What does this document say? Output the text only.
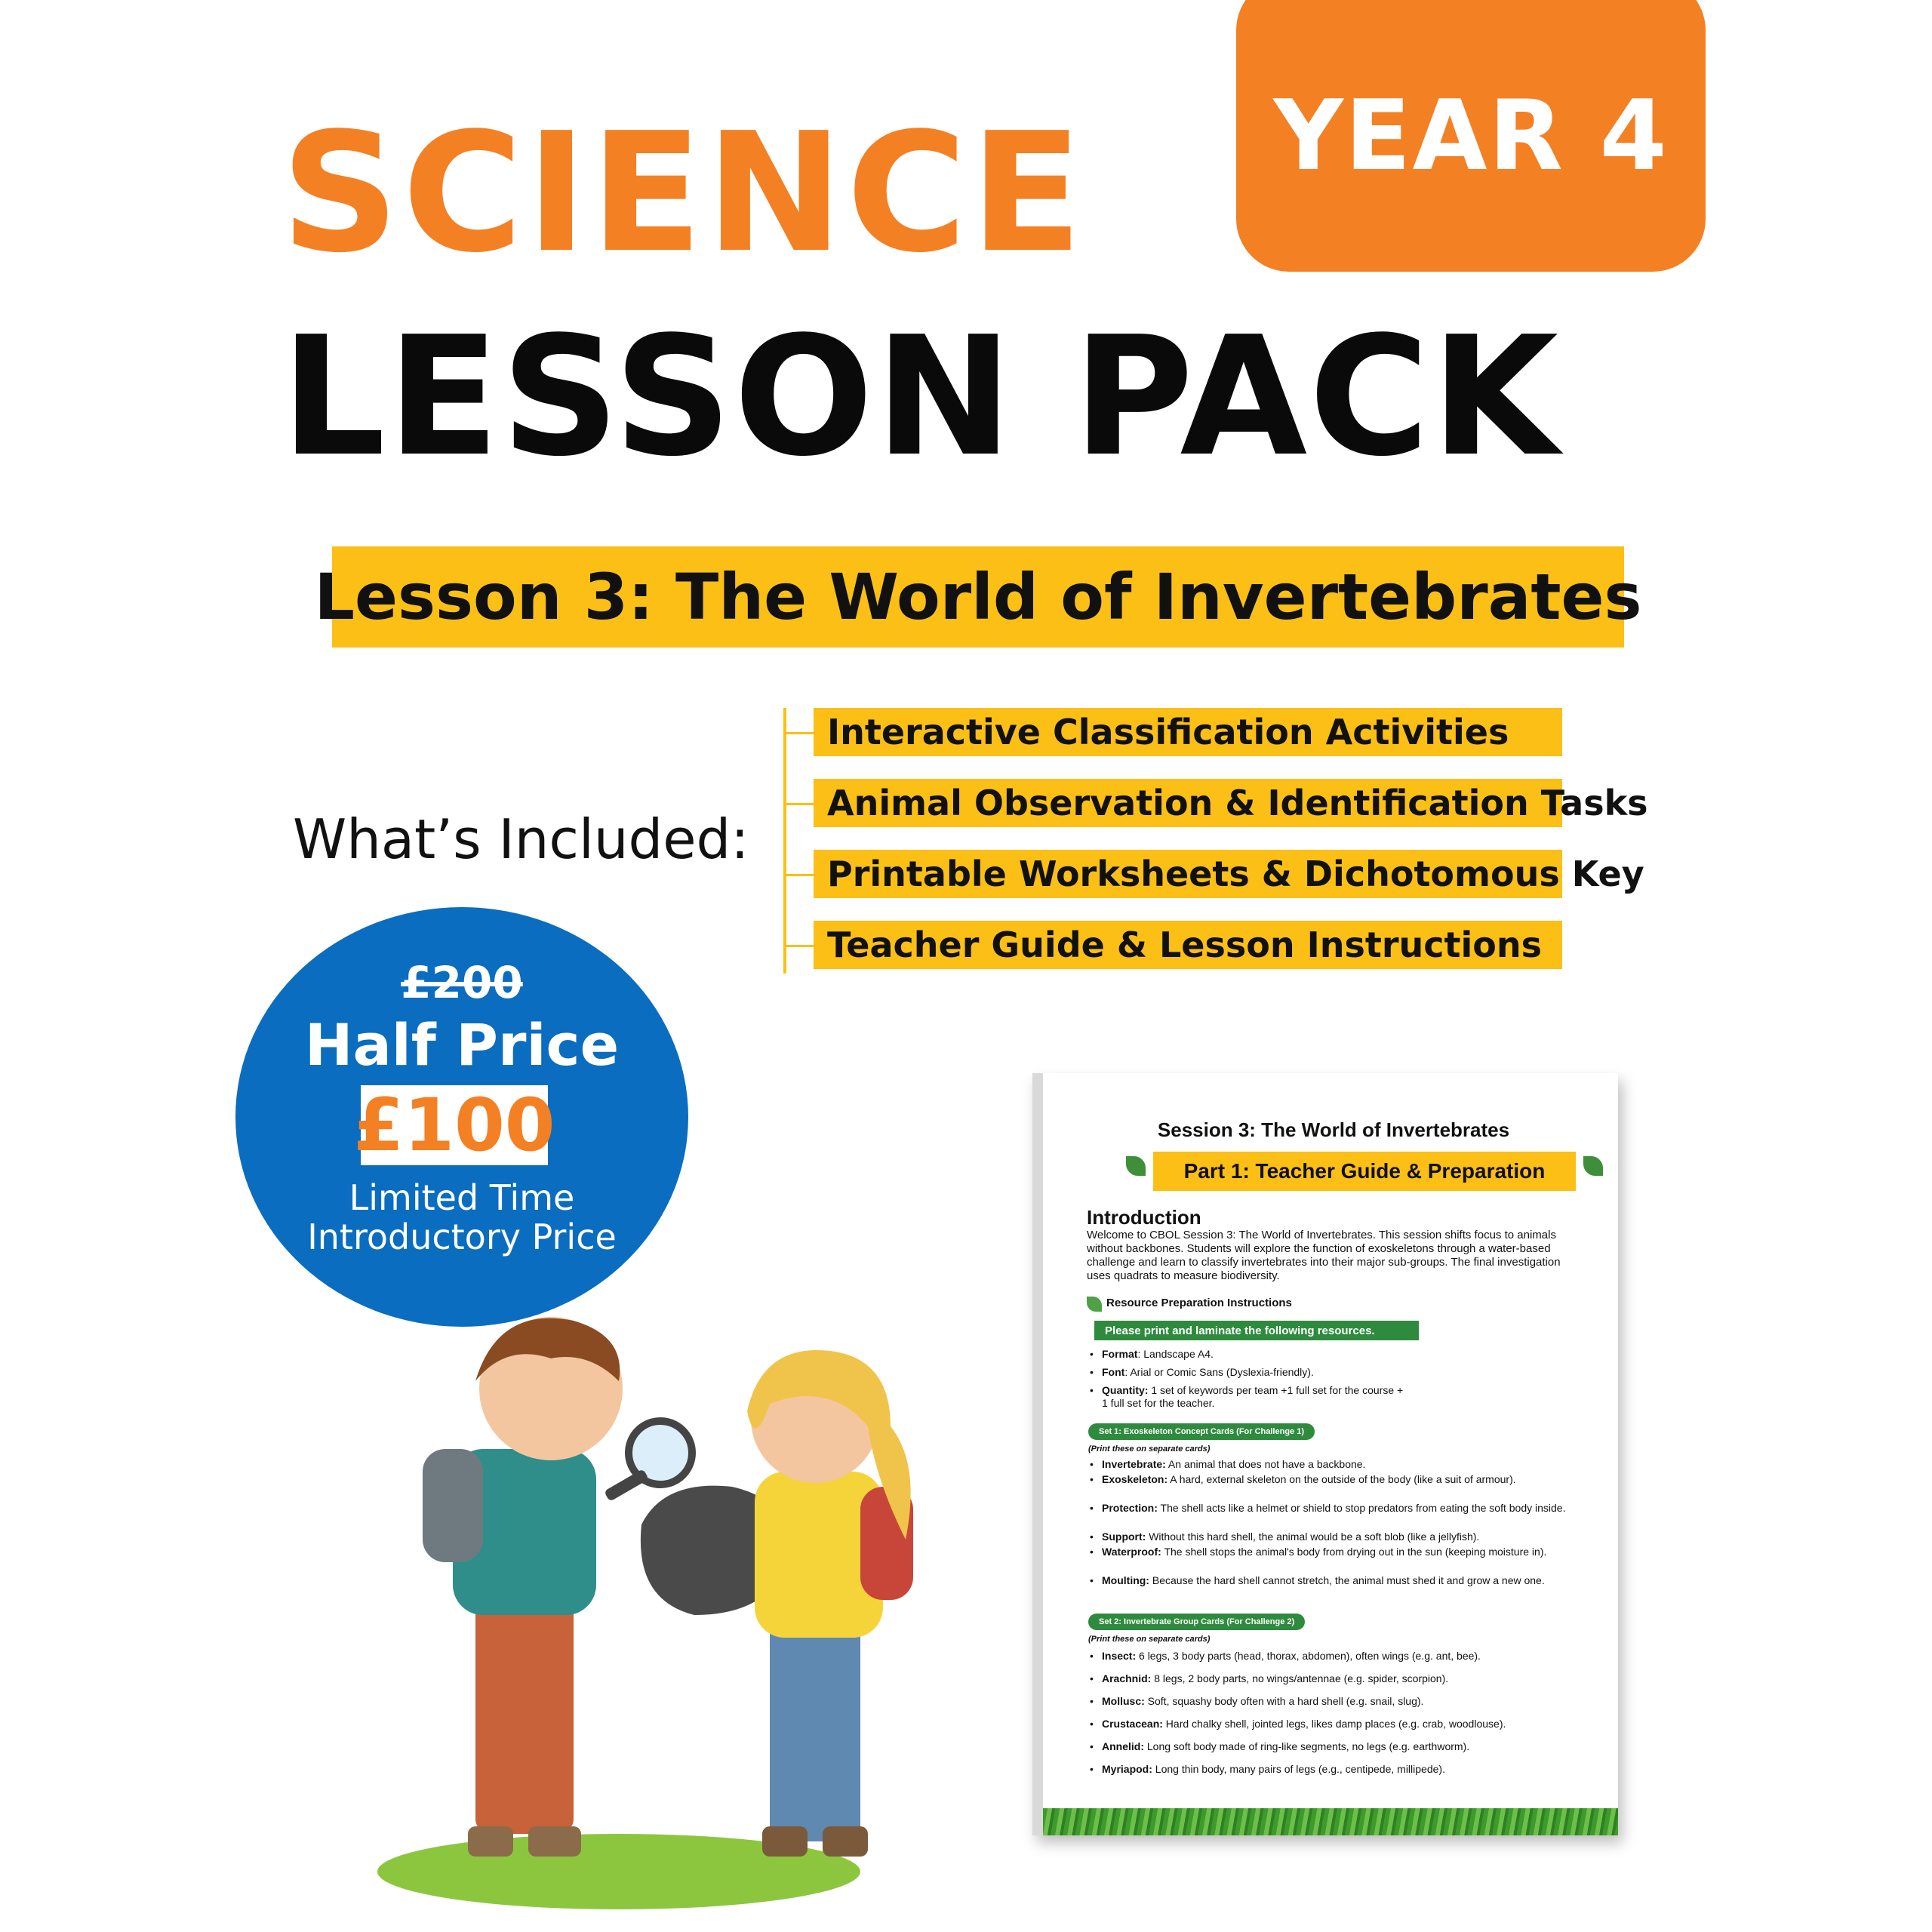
YEAR 4
SCIENCE
LESSON PACK
Lesson 3: The World of Invertebrates
What’s Included:
Interactive Classification Activities
Animal Observation & Identification Tasks
Printable Worksheets & Dichotomous Key
Teacher Guide & Lesson Instructions
£200
Half Price
£100
Limited Time
Introductory Price
Session 3: The World of Invertebrates
Part 1: Teacher Guide & Preparation
Introduction
Welcome to CBOL Session 3: The World of Invertebrates. This session shifts focus to animals without backbones. Students will explore the function of exoskeletons through a water-based challenge and learn to classify invertebrates into their major sub-groups. The final investigation uses quadrats to measure biodiversity.
Resource Preparation Instructions
Please print and laminate the following resources.
• Format: Landscape A4.
• Font: Arial or Comic Sans (Dyslexia-friendly).
• Quantity: 1 set of keywords per team +1 full set for the course +
1 full set for the teacher.
Set 1: Exoskeleton Concept Cards (For Challenge 1)
(Print these on separate cards)
• Invertebrate: An animal that does not have a backbone.
• Exoskeleton: A hard, external skeleton on the outside of the body (like a suit of armour).
• Protection: The shell acts like a helmet or shield to stop predators from eating the soft body inside.
• Support: Without this hard shell, the animal would be a soft blob (like a jellyfish).
• Waterproof: The shell stops the animal's body from drying out in the sun (keeping moisture in).
• Moulting: Because the hard shell cannot stretch, the animal must shed it and grow a new one.
Set 2: Invertebrate Group Cards (For Challenge 2)
(Print these on separate cards)
• Insect: 6 legs, 3 body parts (head, thorax, abdomen), often wings (e.g. ant, bee).
• Arachnid: 8 legs, 2 body parts, no wings/antennae (e.g. spider, scorpion).
• Mollusc: Soft, squashy body often with a hard shell (e.g. snail, slug).
• Crustacean: Hard chalky shell, jointed legs, likes damp places (e.g. crab, woodlouse).
• Annelid: Long soft body made of ring-like segments, no legs (e.g. earthworm).
• Myriapod: Long thin body, many pairs of legs (e.g., centipede, millipede).
